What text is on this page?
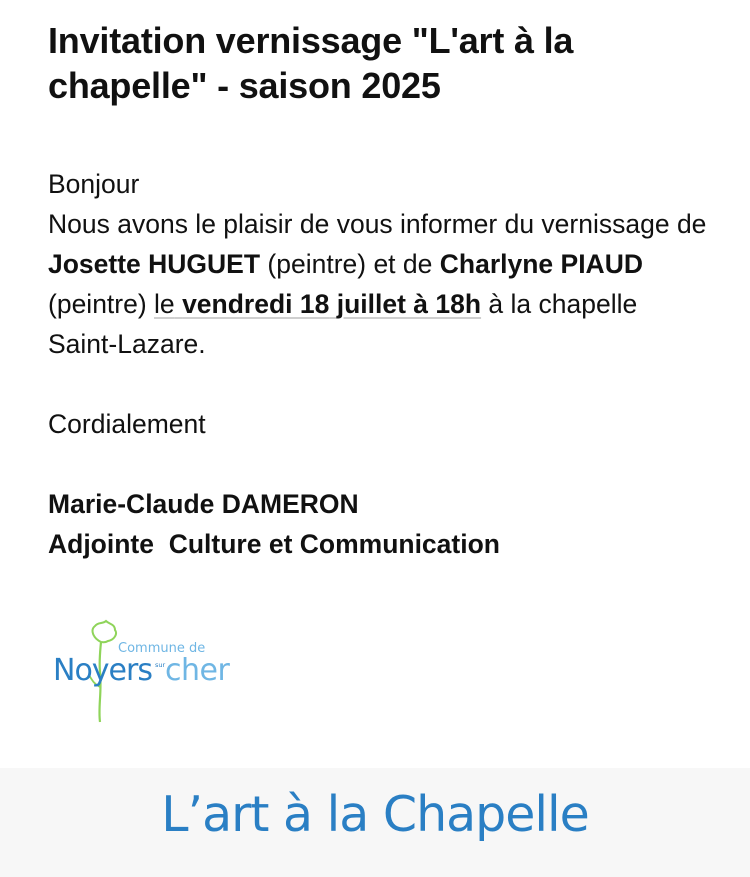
Invitation vernissage "L'art à la chapelle" - saison 2025

Bonjour

Nous avons le plaisir de vous informer du vernissage de Josette HUGUET (peintre) et de Charlyne PIAUD (peintre) le vendredi 18 juillet à 18h à la chapelle Saint-Lazare.

Cordialement
Marie-Claude DAMERON
Adjointe  Culture et Communication
Commune de
Noyers sur cher
L’art à la Chapelle
